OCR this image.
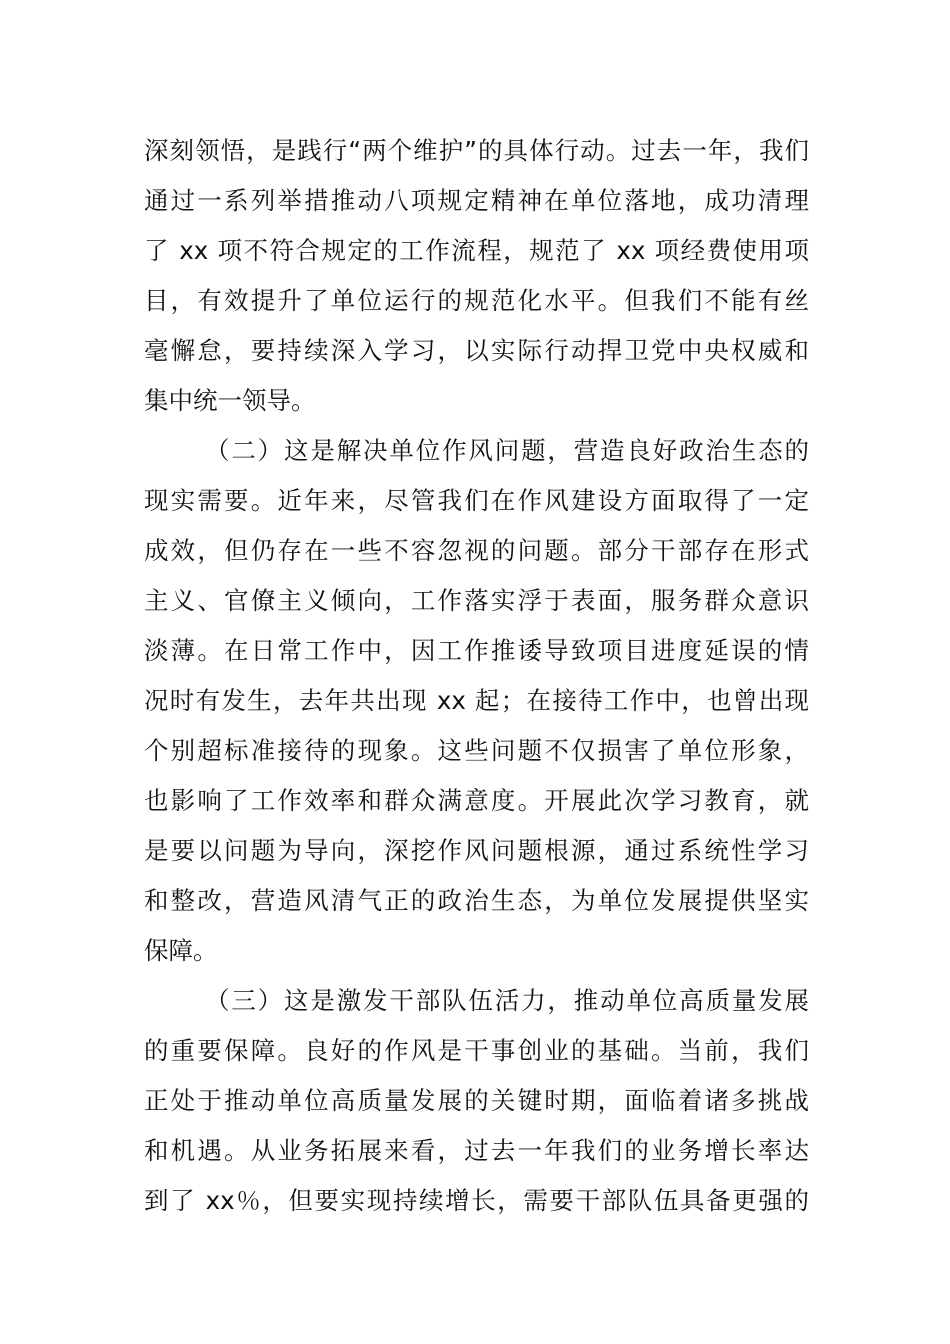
深刻领悟，是践行“两个维护”的具体行动。过去一年，我们
通过一系列举措推动八项规定精神在单位落地，成功清理
了 xx 项不符合规定的工作流程，规范了 xx 项经费使用项
目，有效提升了单位运行的规范化水平。但我们不能有丝
毫懈怠，要持续深入学习，以实际行动捍卫党中央权威和
集中统一领导。
（二）这是解决单位作风问题，营造良好政治生态的
现实需要。近年来，尽管我们在作风建设方面取得了一定
成效，但仍存在一些不容忽视的问题。部分干部存在形式
主义、官僚主义倾向，工作落实浮于表面，服务群众意识
淡薄。在日常工作中，因工作推诿导致项目进度延误的情
况时有发生，去年共出现 xx 起；在接待工作中，也曾出现
个别超标准接待的现象。这些问题不仅损害了单位形象，
也影响了工作效率和群众满意度。开展此次学习教育，就
是要以问题为导向，深挖作风问题根源，通过系统性学习
和整改，营造风清气正的政治生态，为单位发展提供坚实
保障。
（三）这是激发干部队伍活力，推动单位高质量发展
的重要保障。良好的作风是干事创业的基础。当前，我们
正处于推动单位高质量发展的关键时期，面临着诸多挑战
和机遇。从业务拓展来看，过去一年我们的业务增长率达
到了 xx％，但要实现持续增长，需要干部队伍具备更强的
